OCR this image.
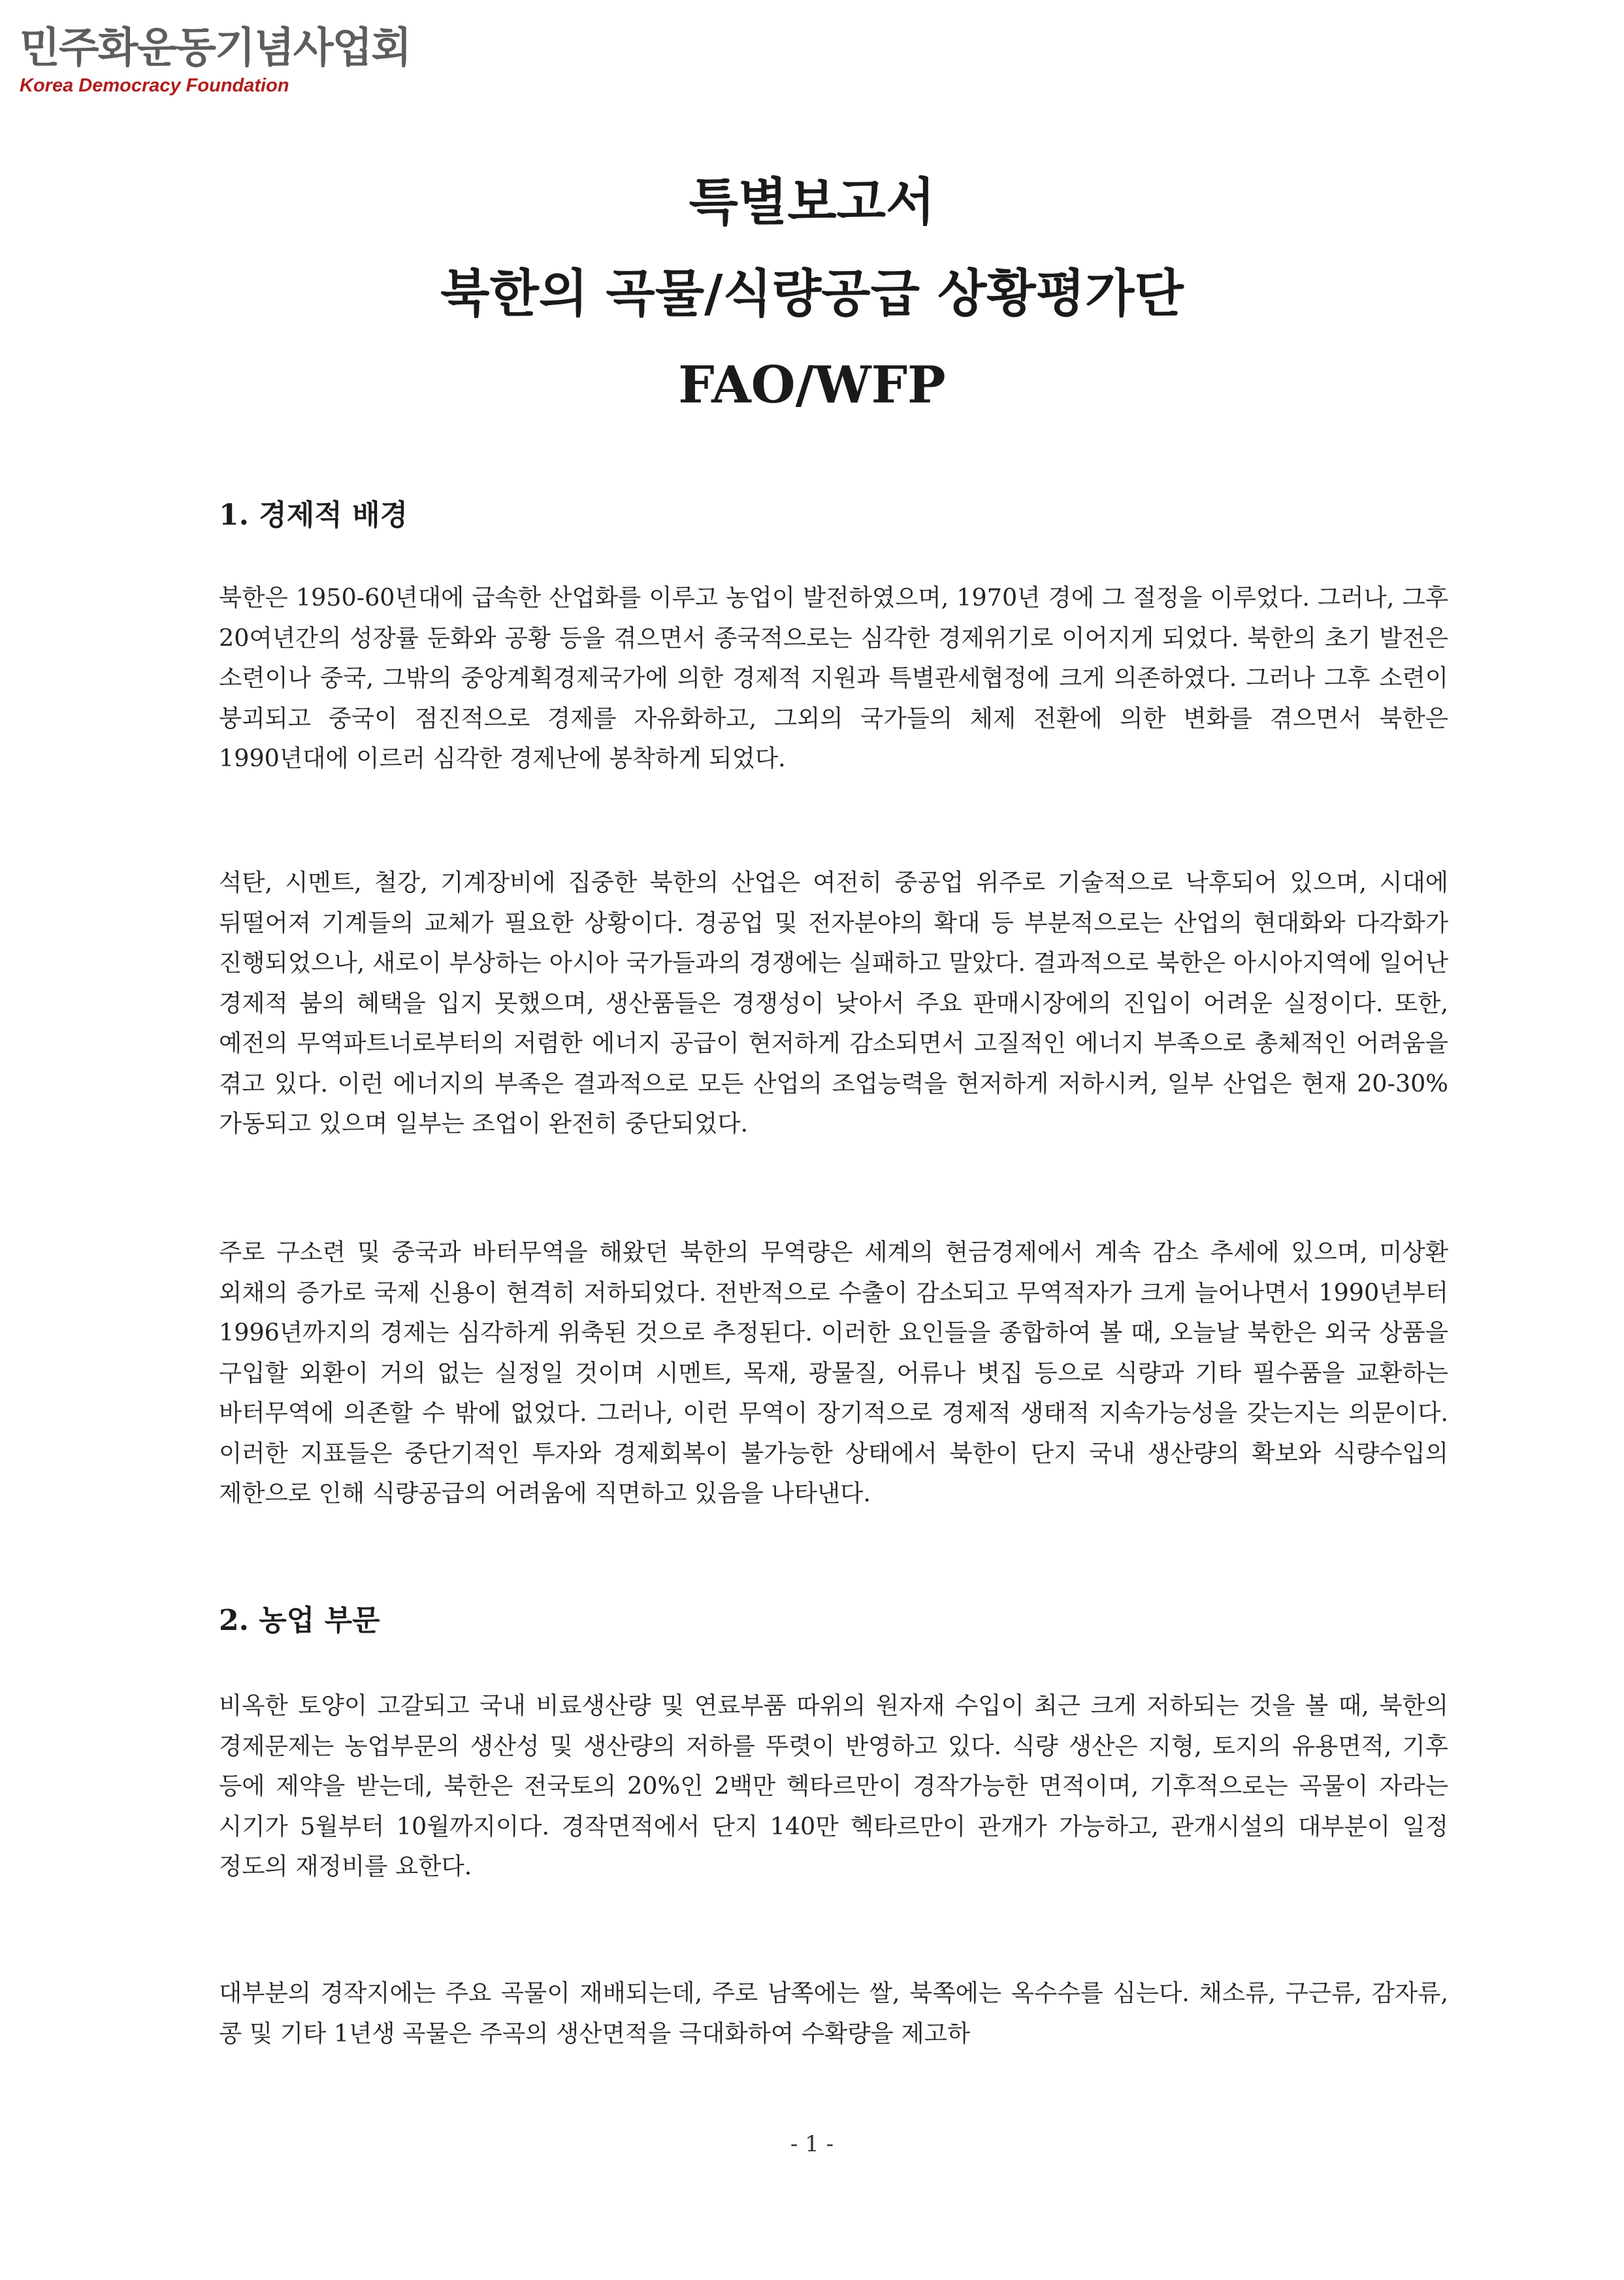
민주화운동기념사업회
Korea Democracy Foundation
특별보고서
북한의 곡물/식량공급 상황평가단
FAO/WFP
1. 경제적 배경

북한은 1950-60년대에 급속한 산업화를 이루고 농업이 발전하였으며, 1970년 경에 그 절정을 이루었다. 그러나, 그후 20여년간의 성장률 둔화와 공황 등을 겪으면서 종국적으로는 심각한 경제위기로 이어지게 되었다. 북한의 초기 발전은 소련이나 중국, 그밖의 중앙계획경제국가에 의한 경제적 지원과 특별관세협정에 크게 의존하였다. 그러나 그후 소련이 붕괴되고 중국이 점진적으로 경제를 자유화하고, 그외의 국가들의 체제 전환에 의한 변화를 겪으면서 북한은 1990년대에 이르러 심각한 경제난에 봉착하게 되었다.

석탄, 시멘트, 철강, 기계장비에 집중한 북한의 산업은 여전히 중공업 위주로 기술적으로 낙후되어 있으며, 시대에 뒤떨어져 기계들의 교체가 필요한 상황이다. 경공업 및 전자분야의 확대 등 부분적으로는 산업의 현대화와 다각화가 진행되었으나, 새로이 부상하는 아시아 국가들과의 경쟁에는 실패하고 말았다. 결과적으로 북한은 아시아지역에 일어난 경제적 붐의 혜택을 입지 못했으며, 생산품들은 경쟁성이 낮아서 주요 판매시장에의 진입이 어려운 실정이다. 또한, 예전의 무역파트너로부터의 저렴한 에너지 공급이 현저하게 감소되면서 고질적인 에너지 부족으로 총체적인 어려움을 겪고 있다. 이런 에너지의 부족은 결과적으로 모든 산업의 조업능력을 현저하게 저하시켜, 일부 산업은 현재 20-30% 가동되고 있으며 일부는 조업이 완전히 중단되었다.

주로 구소련 및 중국과 바터무역을 해왔던 북한의 무역량은 세계의 현금경제에서 계속 감소 추세에 있으며, 미상환 외채의 증가로 국제 신용이 현격히 저하되었다. 전반적으로 수출이 감소되고 무역적자가 크게 늘어나면서 1990년부터 1996년까지의 경제는 심각하게 위축된 것으로 추정된다. 이러한 요인들을 종합하여 볼 때, 오늘날 북한은 외국 상품을 구입할 외환이 거의 없는 실정일 것이며 시멘트, 목재, 광물질, 어류나 볏집 등으로 식량과 기타 필수품을 교환하는 바터무역에 의존할 수 밖에 없었다. 그러나, 이런 무역이 장기적으로 경제적 생태적 지속가능성을 갖는지는 의문이다. 이러한 지표들은 중단기적인 투자와 경제회복이 불가능한 상태에서 북한이 단지 국내 생산량의 확보와 식량수입의 제한으로 인해 식량공급의 어려움에 직면하고 있음을 나타낸다.

2. 농업 부문

비옥한 토양이 고갈되고 국내 비료생산량 및 연료부품 따위의 원자재 수입이 최근 크게 저하되는 것을 볼 때, 북한의 경제문제는 농업부문의 생산성 및 생산량의 저하를 뚜렷이 반영하고 있다. 식량 생산은 지형, 토지의 유용면적, 기후 등에 제약을 받는데, 북한은 전국토의 20%인 2백만 헥타르만이 경작가능한 면적이며, 기후적으로는 곡물이 자라는 시기가 5월부터 10월까지이다. 경작면적에서 단지 140만 헥타르만이 관개가 가능하고, 관개시설의 대부분이 일정 정도의 재정비를 요한다.

대부분의 경작지에는 주요 곡물이 재배되는데, 주로 남쪽에는 쌀, 북쪽에는 옥수수를 심는다. 채소류, 구근류, 감자류, 콩 및 기타 1년생 곡물은 주곡의 생산면적을 극대화하여 수확량을 제고하

- 1 -
